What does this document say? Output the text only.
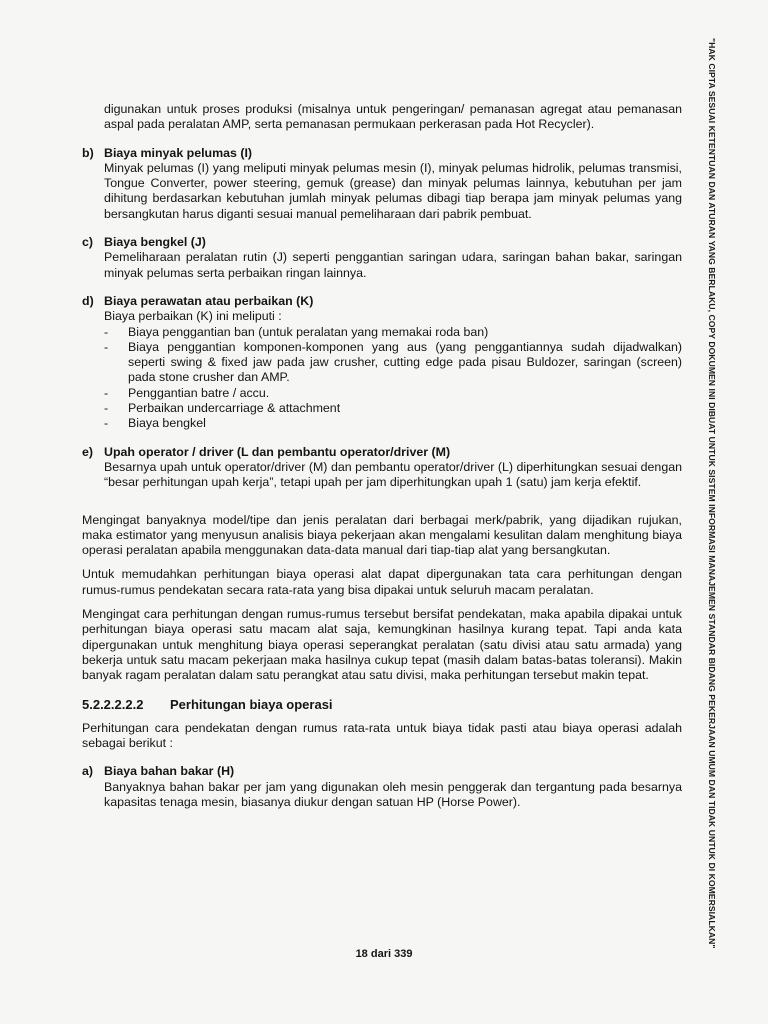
digunakan untuk proses produksi (misalnya untuk pengeringan/ pemanasan agregat atau pemanasan aspal pada peralatan AMP, serta pemanasan permukaan perkerasan pada Hot Recycler).

b) Biaya minyak pelumas (I)

Minyak pelumas (I) yang meliputi minyak pelumas mesin (I), minyak pelumas hidrolik, pelumas transmisi, Tongue Converter, power steering, gemuk (grease) dan minyak pelumas lainnya, kebutuhan per jam dihitung berdasarkan kebutuhan jumlah minyak pelumas dibagi tiap berapa jam minyak pelumas yang bersangkutan harus diganti sesuai manual pemeliharaan dari pabrik pembuat.

c) Biaya bengkel (J)

Pemeliharaan peralatan rutin (J) seperti penggantian saringan udara, saringan bahan bakar, saringan minyak pelumas serta perbaikan ringan lainnya.

d) Biaya perawatan atau perbaikan (K)

Biaya perbaikan (K) ini meliputi :

- Biaya penggantian ban (untuk peralatan yang memakai roda ban)
- Biaya penggantian komponen-komponen yang aus (yang penggantiannya sudah dijadwalkan) seperti swing & fixed jaw pada jaw crusher, cutting edge pada pisau Buldozer, saringan (screen) pada stone crusher dan AMP.
- Penggantian batre / accu.
- Perbaikan undercarriage & attachment
- Biaya bengkel
e) Upah operator / driver (L dan pembantu operator/driver (M)

Besarnya upah untuk operator/driver (M) dan pembantu operator/driver (L) diperhitungkan sesuai dengan “besar perhitungan upah kerja”, tetapi upah per jam diperhitungkan upah 1 (satu) jam kerja efektif.

Mengingat banyaknya model/tipe dan jenis peralatan dari berbagai merk/pabrik, yang dijadikan rujukan, maka estimator yang menyusun analisis biaya pekerjaan akan mengalami kesulitan dalam menghitung biaya operasi peralatan apabila menggunakan data-data manual dari tiap-tiap alat yang bersangkutan.

Untuk memudahkan perhitungan biaya operasi alat dapat dipergunakan tata cara perhitungan dengan rumus-rumus pendekatan secara rata-rata yang bisa dipakai untuk seluruh macam peralatan.

Mengingat cara perhitungan dengan rumus-rumus tersebut bersifat pendekatan, maka apabila dipakai untuk perhitungan biaya operasi satu macam alat saja, kemungkinan hasilnya kurang tepat. Tapi anda kata dipergunakan untuk menghitung biaya operasi seperangkat peralatan (satu divisi atau satu armada) yang bekerja untuk satu macam pekerjaan maka hasilnya cukup tepat (masih dalam batas-batas toleransi). Makin banyak ragam peralatan dalam satu perangkat atau satu divisi, maka perhitungan tersebut makin tepat.

5.2.2.2.2.2 Perhitungan biaya operasi

Perhitungan cara pendekatan dengan rumus rata-rata untuk biaya tidak pasti atau biaya operasi adalah sebagai berikut :

a) Biaya bahan bakar (H)

Banyaknya bahan bakar per jam yang digunakan oleh mesin penggerak dan tergantung pada besarnya kapasitas tenaga mesin, biasanya diukur dengan satuan HP (Horse Power).

18 dari 339
"HAK CIPTA SESUAI KETENTUAN DAN ATURAN YANG BERLAKU, COPY DOKUMEN INI DIBUAT UNTUK SISTEM INFORMASI MANAJEMEN STANDAR BIDANG PEKERJAAN UMUM DAN TIDAK UNTUK DI KOMERSIALKAN"
